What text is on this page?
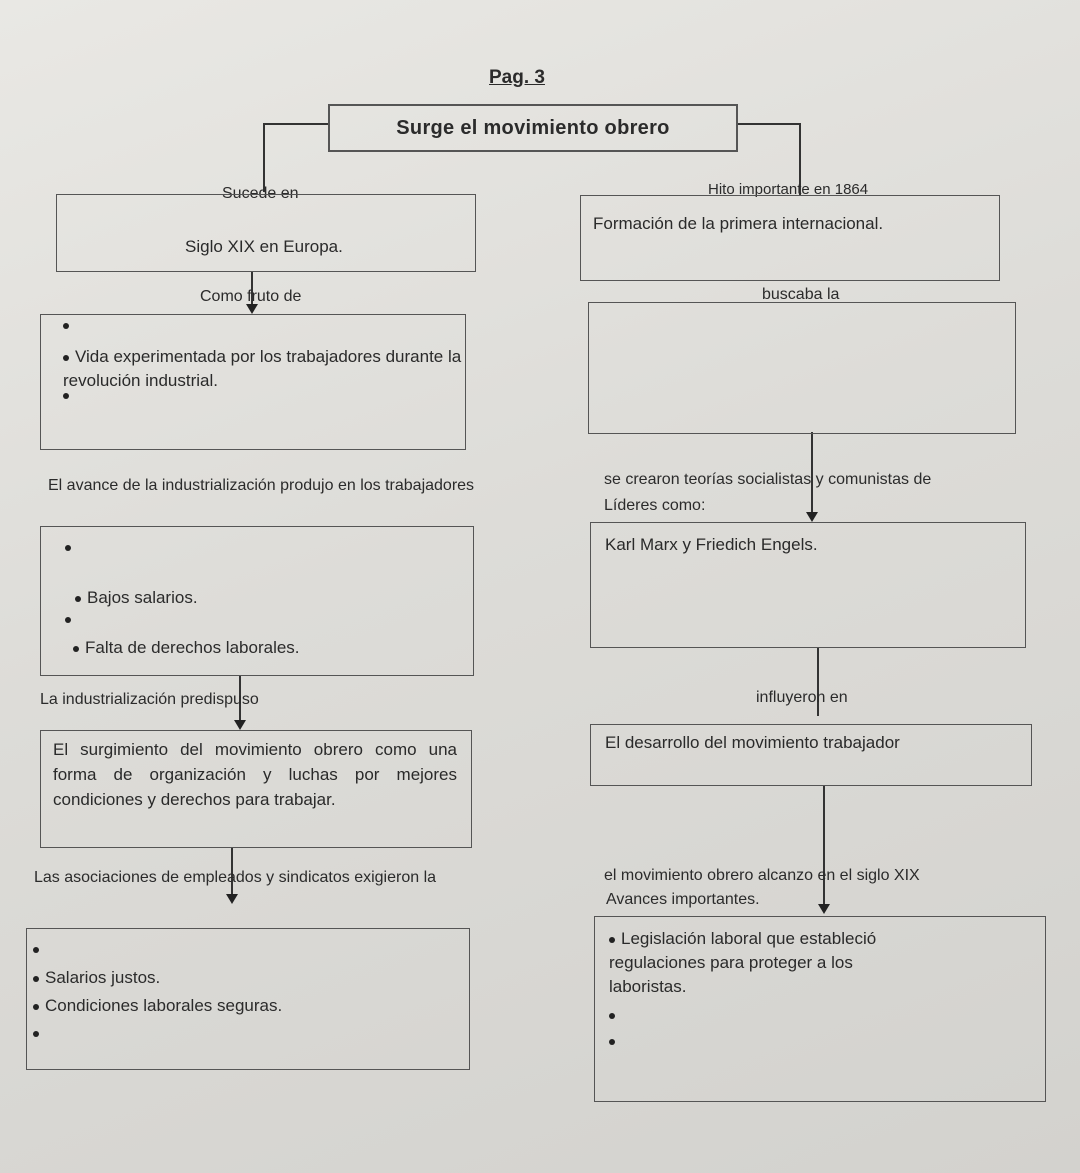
Pag. 3
Surge el movimiento obrero
Sucede en
Siglo XIX en Europa.
Como fruto de
Vida experimentada por los trabajadores durante la revolución industrial.
El avance de la industrialización produjo en los trabajadores
Bajos salarios.
Falta de derechos laborales.
La industrialización predispuso
El surgimiento del movimiento obrero como una forma de organización y luchas por mejores condiciones y derechos para trabajar.
Las asociaciones de empleados y sindicatos exigieron la
Salarios justos.
Condiciones laborales seguras.
Hito importante en 1864
Formación de la primera internacional.
buscaba la
se crearon teorías socialistas y comunistas de
Líderes como:
Karl Marx y Friedich Engels.
influyeron en
El desarrollo del movimiento trabajador
el movimiento obrero alcanzo en el siglo XIX
Avances importantes.
Legislación laboral que estableció regulaciones para proteger a los laboristas.
